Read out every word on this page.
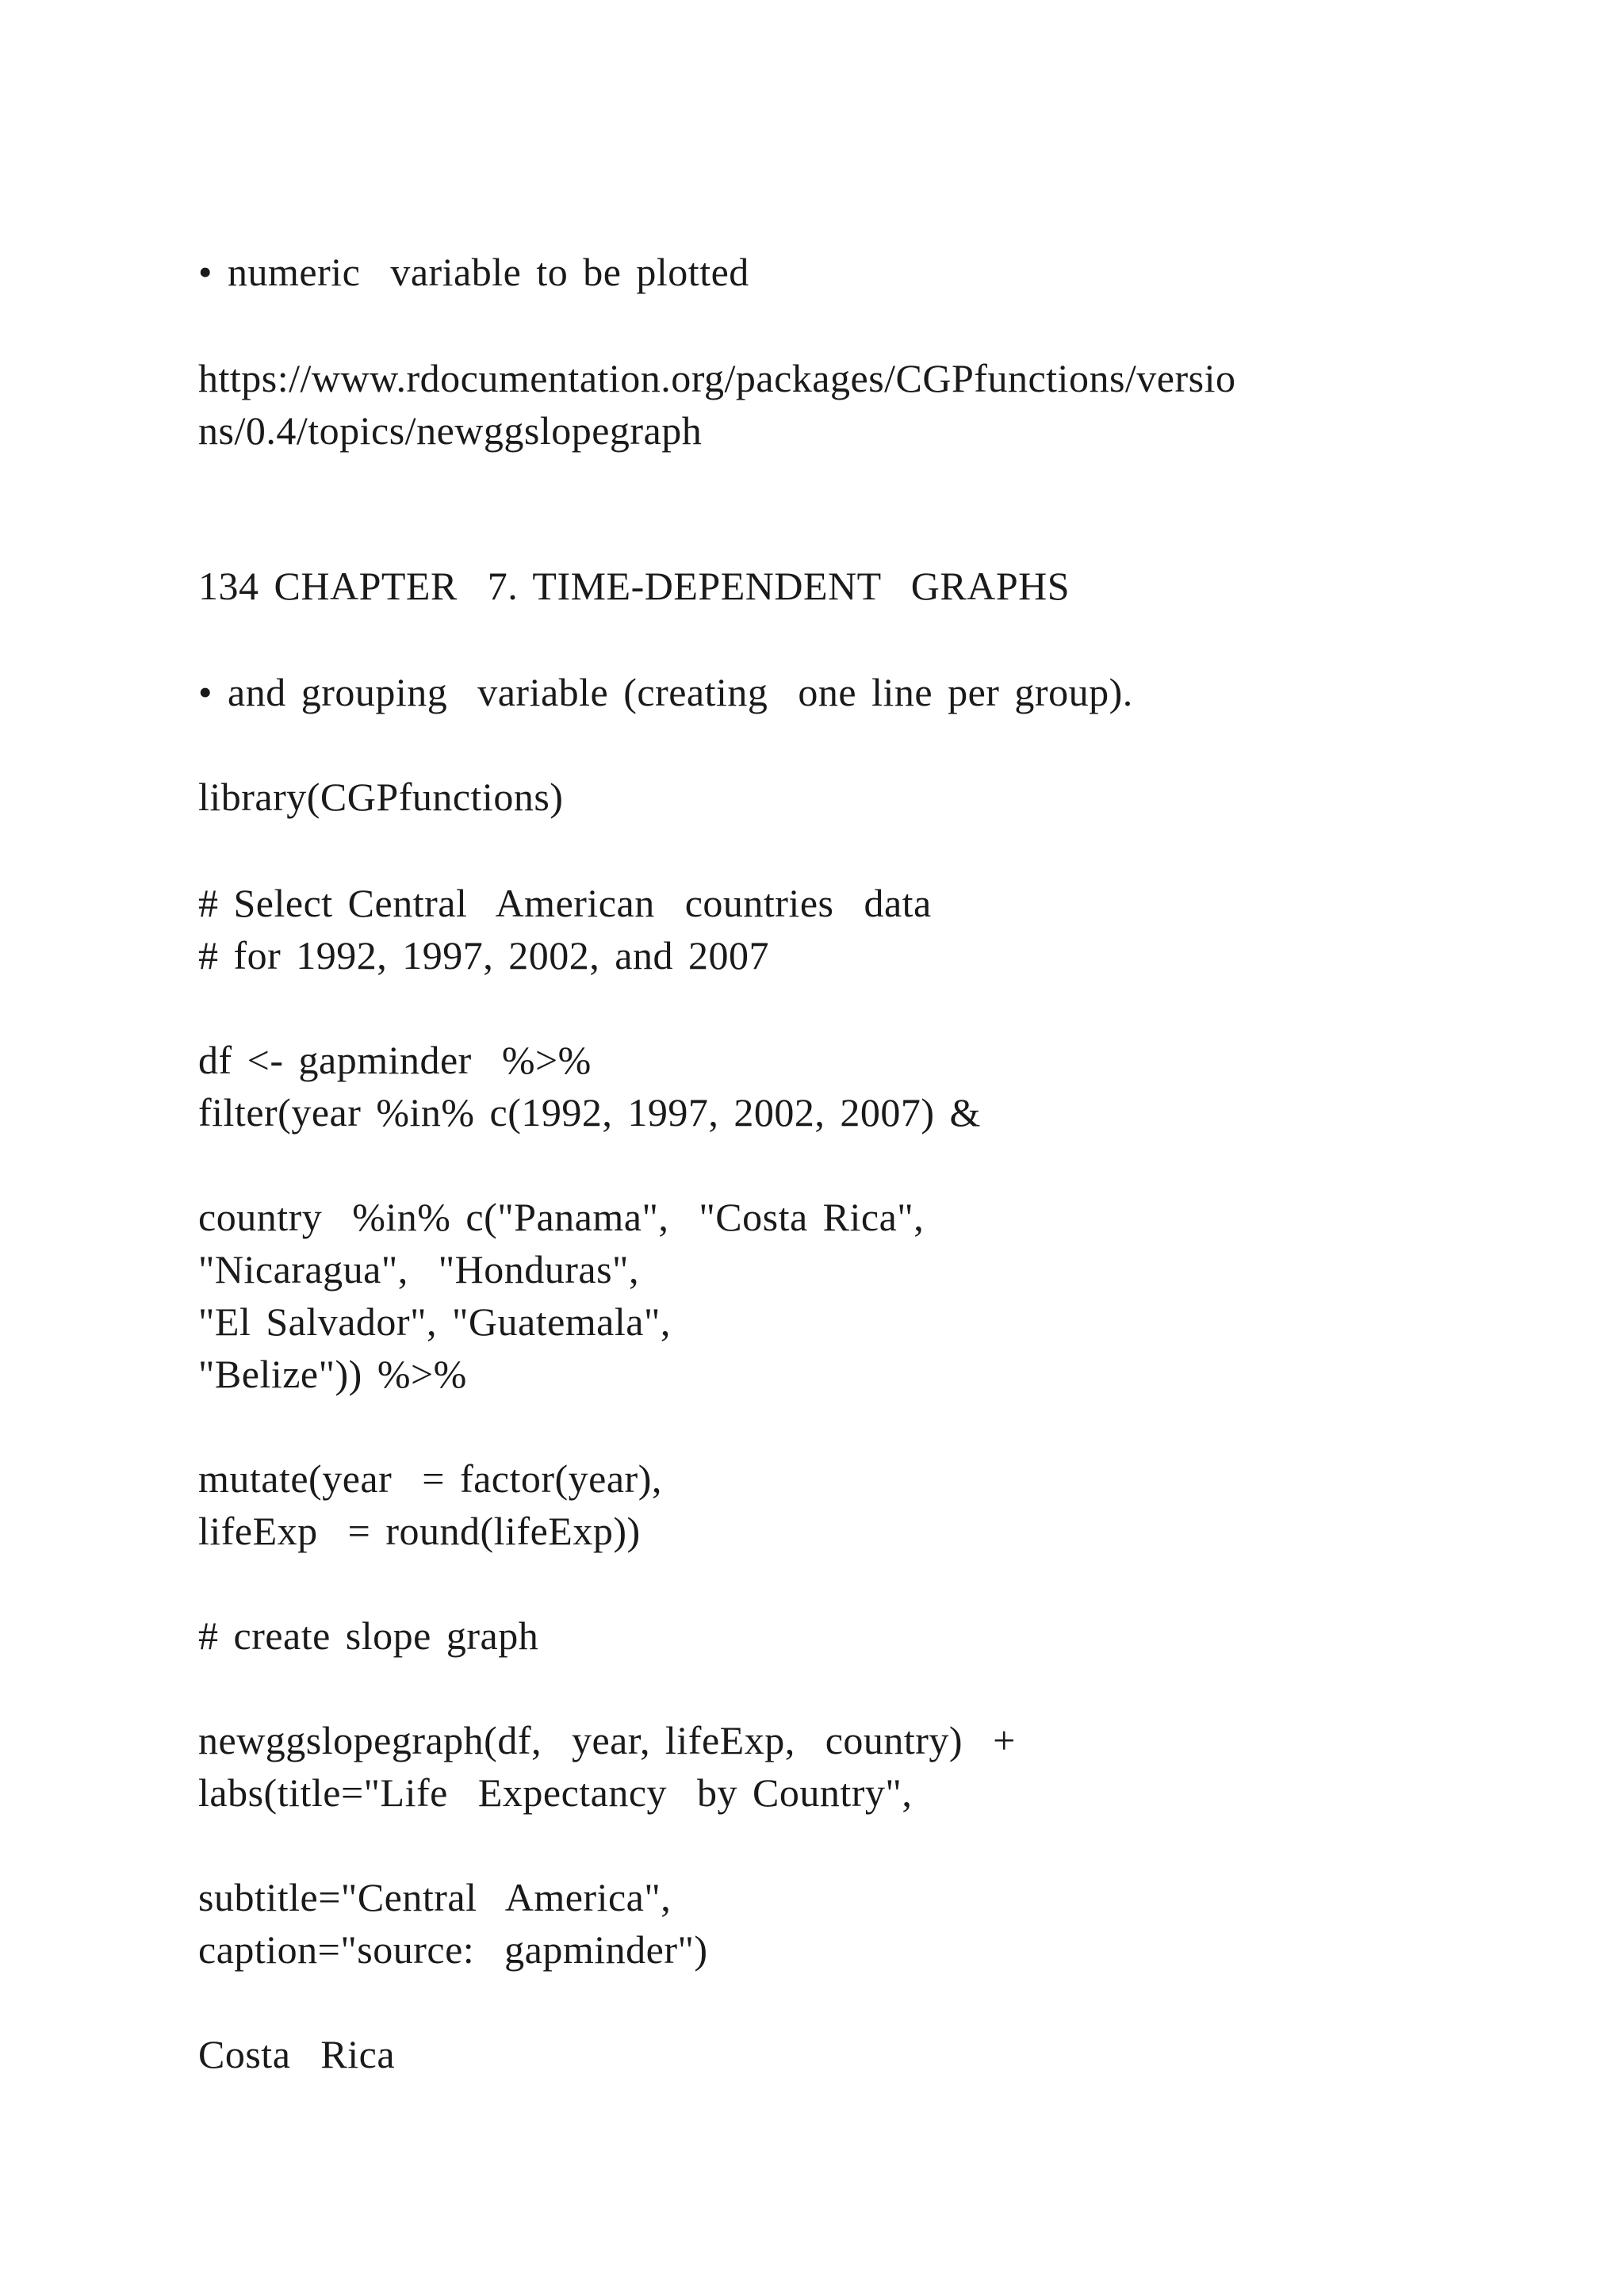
• numeric  variable to be plotted
https://www.rdocumentation.org/packages/CGPfunctions/versio
ns/0.4/topics/newggslopegraph
134 CHAPTER  7. TIME-DEPENDENT  GRAPHS
• and grouping  variable (creating  one line per group).
library(CGPfunctions)
# Select Central  American  countries  data
# for 1992, 1997, 2002, and 2007
df <- gapminder  %>%
filter(year %in% c(1992, 1997, 2002, 2007) &
country  %in% c("Panama",  "Costa Rica",
"Nicaragua",  "Honduras",
"El Salvador", "Guatemala",
"Belize")) %>%
mutate(year  = factor(year),
lifeExp  = round(lifeExp))
# create slope graph
newggslopegraph(df,  year, lifeExp,  country)  +
labs(title="Life  Expectancy  by Country",
subtitle="Central  America",
caption="source:  gapminder")
Costa  Rica
